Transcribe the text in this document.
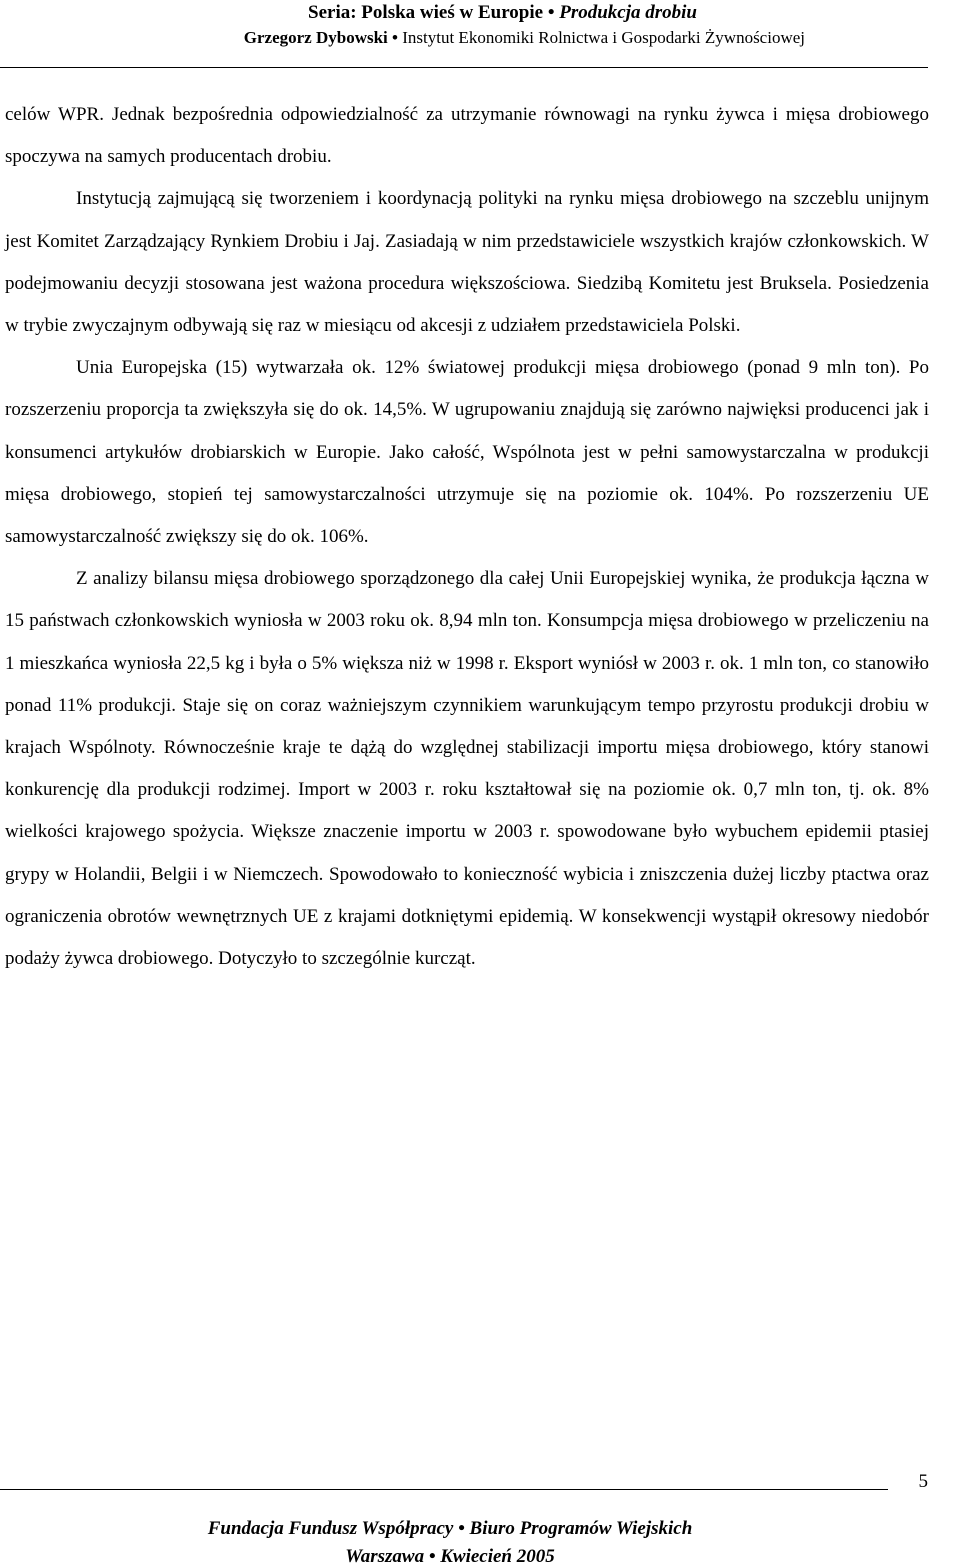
Seria: Polska wieś w Europie • Produkcja drobiu
Grzegorz Dybowski • Instytut Ekonomiki Rolnictwa i Gospodarki Żywnościowej

celów WPR. Jednak bezpośrednia odpowiedzialność za utrzymanie równowagi na rynku żywca i mięsa drobiowego spoczywa na samych producentach drobiu.

Instytucją zajmującą się tworzeniem i koordynacją polityki na rynku mięsa drobiowego na szczeblu unijnym jest Komitet Zarządzający Rynkiem Drobiu i Jaj. Zasiadają w nim przedstawiciele wszystkich krajów członkowskich. W podejmowaniu decyzji stosowana jest ważona procedura większościowa. Siedzibą Komitetu jest Bruksela. Posiedzenia w trybie zwyczajnym odbywają się raz w miesiącu od akcesji z udziałem przedstawiciela Polski.

Unia Europejska (15) wytwarzała ok. 12% światowej produkcji mięsa drobiowego (ponad 9 mln ton). Po rozszerzeniu proporcja ta zwiększyła się do ok. 14,5%. W ugrupowaniu znajdują się zarówno najwięksi producenci jak i konsumenci artykułów drobiarskich w Europie. Jako całość, Wspólnota jest w pełni samowystarczalna w produkcji mięsa drobiowego, stopień tej samowystarczalności utrzymuje się na poziomie ok. 104%. Po rozszerzeniu UE samowystarczalność zwiększy się do ok. 106%.

Z analizy bilansu mięsa drobiowego sporządzonego dla całej Unii Europejskiej wynika, że produkcja łączna w 15 państwach członkowskich wyniosła w 2003 roku ok. 8,94 mln ton. Konsumpcja mięsa drobiowego w przeliczeniu na 1 mieszkańca wyniosła 22,5 kg i była o 5% większa niż w 1998 r. Eksport wyniósł w 2003 r. ok. 1 mln ton, co stanowiło ponad 11% produkcji. Staje się on coraz ważniejszym czynnikiem warunkującym tempo przyrostu produkcji drobiu w krajach Wspólnoty. Równocześnie kraje te dążą do względnej stabilizacji importu mięsa drobiowego, który stanowi konkurencję dla produkcji rodzimej. Import w 2003 r. roku kształtował się na poziomie ok. 0,7 mln ton, tj. ok. 8% wielkości krajowego spożycia. Większe znaczenie importu w 2003 r. spowodowane było wybuchem epidemii ptasiej grypy w Holandii, Belgii i w Niemczech. Spowodowało to konieczność wybicia i zniszczenia dużej liczby ptactwa oraz ograniczenia obrotów wewnętrznych UE z krajami dotkniętymi epidemią. W konsekwencji wystąpił okresowy niedobór podaży żywca drobiowego. Dotyczyło to szczególnie kurcząt.

5
Fundacja Fundusz Współpracy • Biuro Programów Wiejskich
Warszawa • Kwiecień 2005
